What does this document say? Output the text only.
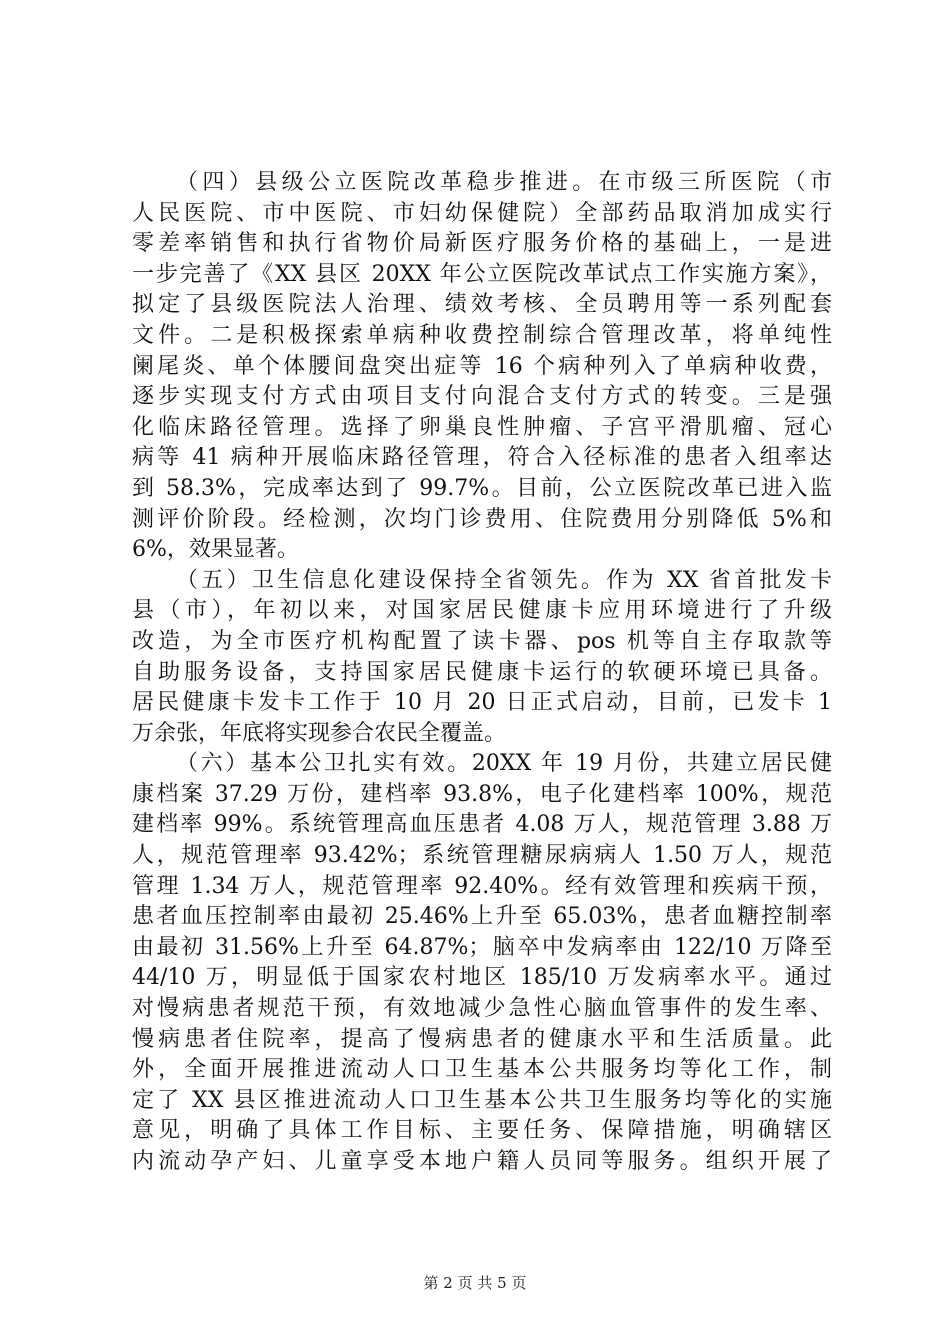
（四）县级公立医院改革稳步推进。在市级三所医院（市
人民医院、市中医院、市妇幼保健院）全部药品取消加成实行
零差率销售和执行省物价局新医疗服务价格的基础上，一是进
一步完善了《XX 县区 20XX 年公立医院改革试点工作实施方案》，
拟定了县级医院法人治理、绩效考核、全员聘用等一系列配套
文件。二是积极探索单病种收费控制综合管理改革，将单纯性
阑尾炎、单个体腰间盘突出症等 16 个病种列入了单病种收费，
逐步实现支付方式由项目支付向混合支付方式的转变。三是强
化临床路径管理。选择了卵巢良性肿瘤、子宫平滑肌瘤、冠心
病等 41 病种开展临床路径管理，符合入径标准的患者入组率达
到 58.3%，完成率达到了 99.7%。目前，公立医院改革已进入监
测评价阶段。经检测，次均门诊费用、住院费用分别降低 5%和
6%，效果显著。
（五）卫生信息化建设保持全省领先。作为 XX 省首批发卡
县（市），年初以来，对国家居民健康卡应用环境进行了升级
改造，为全市医疗机构配置了读卡器、pos 机等自主存取款等
自助服务设备，支持国家居民健康卡运行的软硬环境已具备。
居民健康卡发卡工作于 10 月 20 日正式启动，目前，已发卡 1
万余张，年底将实现参合农民全覆盖。
（六）基本公卫扎实有效。20XX 年 19 月份，共建立居民健
康档案 37.29 万份，建档率 93.8%，电子化建档率 100%，规范
建档率 99%。系统管理高血压患者 4.08 万人，规范管理 3.88 万
人，规范管理率 93.42%；系统管理糖尿病病人 1.50 万人，规范
管理 1.34 万人，规范管理率 92.40%。经有效管理和疾病干预，
患者血压控制率由最初 25.46%上升至 65.03%，患者血糖控制率
由最初 31.56%上升至 64.87%；脑卒中发病率由 122/10 万降至
44/10 万，明显低于国家农村地区 185/10 万发病率水平。通过
对慢病患者规范干预，有效地减少急性心脑血管事件的发生率、
慢病患者住院率，提高了慢病患者的健康水平和生活质量。此
外，全面开展推进流动人口卫生基本公共服务均等化工作，制
定了 XX 县区推进流动人口卫生基本公共卫生服务均等化的实施
意见，明确了具体工作目标、主要任务、保障措施，明确辖区
内流动孕产妇、儿童享受本地户籍人员同等服务。组织开展了
第 2 页 共 5 页
